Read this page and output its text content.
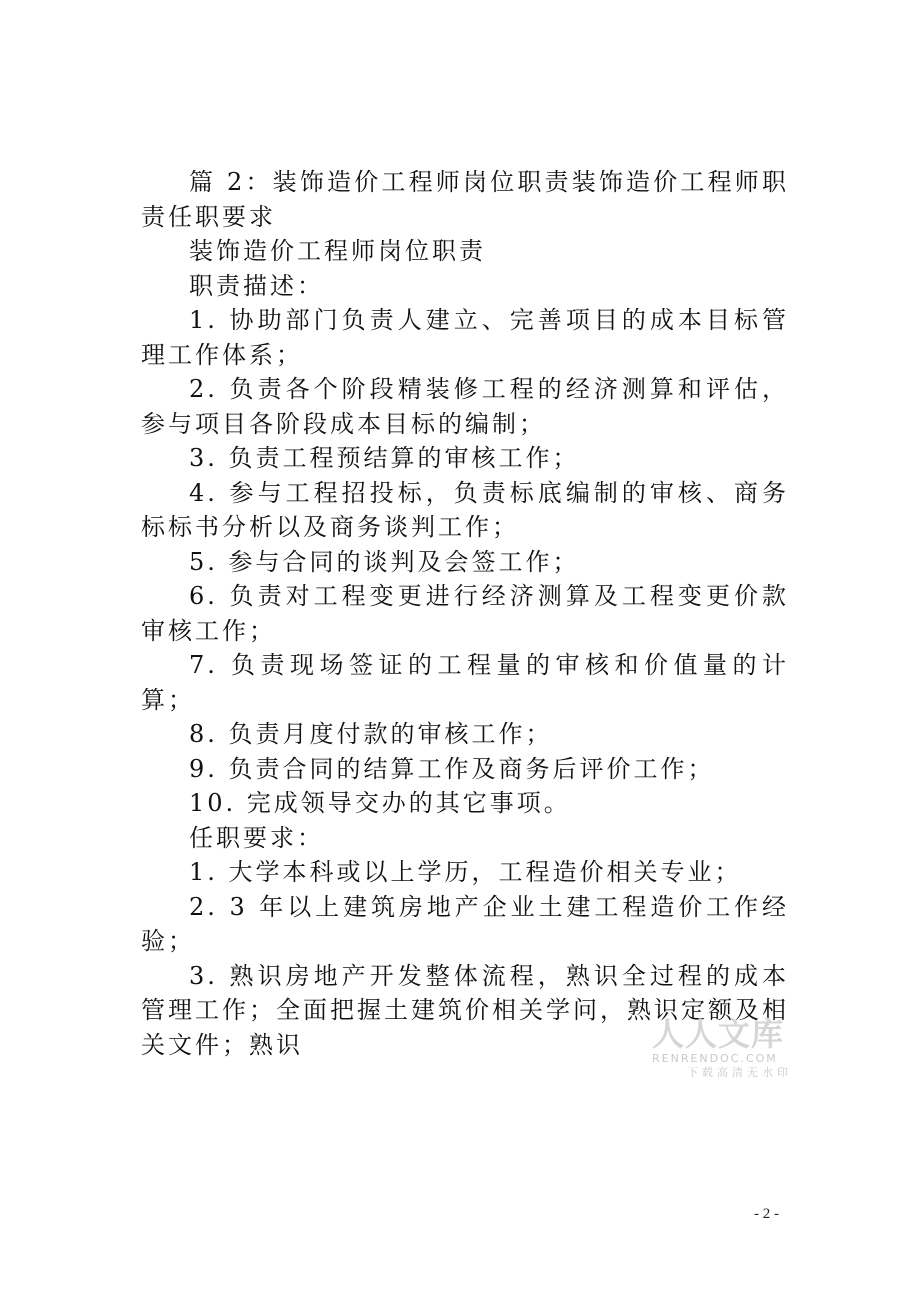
篇 2：装饰造价工程师岗位职责装饰造价工程师职责任职要求

装饰造价工程师岗位职责

职责描述：

1. 协助部门负责人建立、完善项目的成本目标管理工作体系；

2. 负责各个阶段精装修工程的经济测算和评估，参与项目各阶段成本目标的编制；

3. 负责工程预结算的审核工作；

4. 参与工程招投标，负责标底编制的审核、商务标标书分析以及商务谈判工作；

5. 参与合同的谈判及会签工作；

6. 负责对工程变更进行经济测算及工程变更价款审核工作；

7. 负责现场签证的工程量的审核和价值量的计算；

8. 负责月度付款的审核工作；

9. 负责合同的结算工作及商务后评价工作；

10. 完成领导交办的其它事项。

任职要求：

1. 大学本科或以上学历，工程造价相关专业；

2. 3 年以上建筑房地产企业土建工程造价工作经验；

3. 熟识房地产开发整体流程，熟识全过程的成本管理工作；全面把握土建筑价相关学问，熟识定额及相关文件；熟识	人人文库
RENRENDOC.COM
下载高清无水印
- 2 -
